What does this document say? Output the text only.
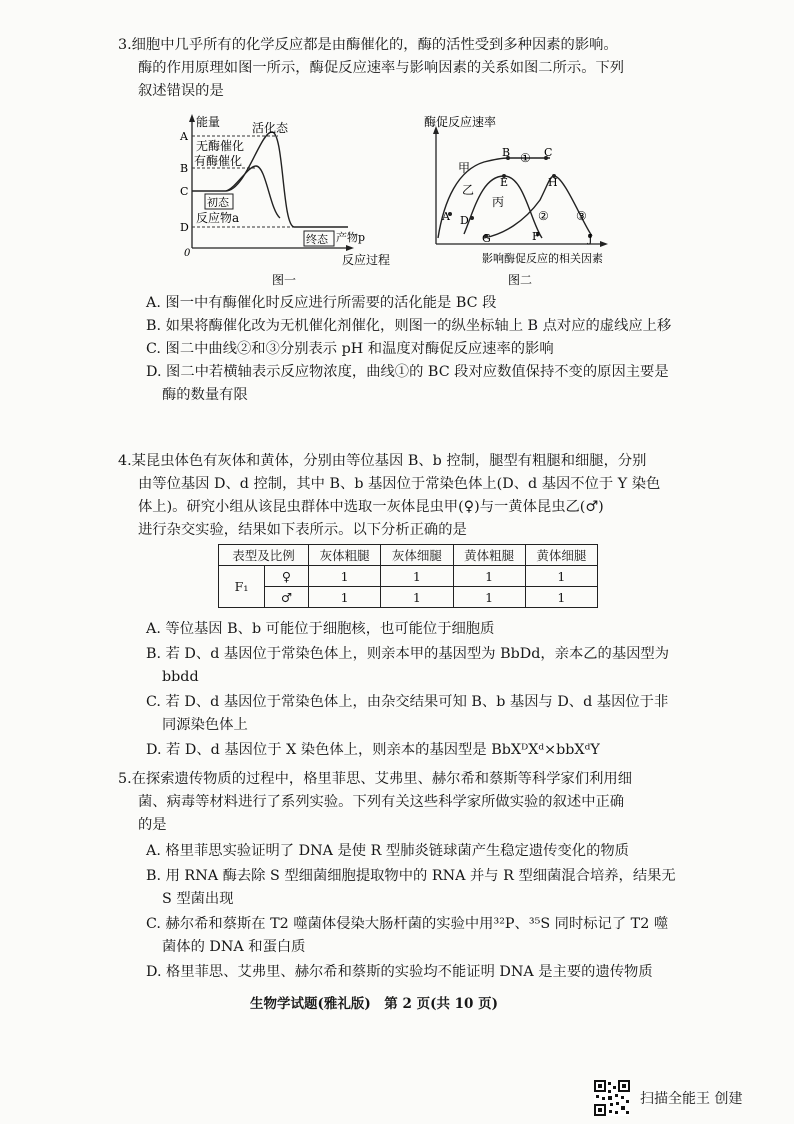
3.细胞中几乎所有的化学反应都是由酶催化的，酶的活性受到多种因素的影响。
酶的作用原理如图一所示，酶促反应速率与影响因素的关系如图二所示。下列
叙述错误的是
能量
反应过程
A
B
C
D
0
活化态
无酶催化
有酶催化
初态
反应物a
终态 产物p
图一
酶促反应速率
影响酶促反应的相关因素
甲
乙
丙
A
B	C
D
E
F
G
H
J
①
② ③
图二
A. 图一中有酶催化时反应进行所需要的活化能是 BC 段
B. 如果将酶催化改为无机催化剂催化，则图一的纵坐标轴上 B 点对应的虚线应上移
C. 图二中曲线②和③分别表示 pH 和温度对酶促反应速率的影响
D. 图二中若横轴表示反应物浓度，曲线①的 BC 段对应数值保持不变的原因主要是酶的数量有限
4.某昆虫体色有灰体和黄体，分别由等位基因 B、b 控制，腿型有粗腿和细腿，分别
由等位基因 D、d 控制，其中 B、b 基因位于常染色体上(D、d 基因不位于 Y 染色
体上)。研究小组从该昆虫群体中选取一灰体昆虫甲(♀)与一黄体昆虫乙(♂)
进行杂交实验，结果如下表所示。以下分析正确的是
表型及比例		灰体粗腿	灰体细腿	黄体粗腿	黄体细腿
F₁	♀	1	1	1	1
	♂	1	1	1	1
A. 等位基因 B、b 可能位于细胞核，也可能位于细胞质
B. 若 D、d 基因位于常染色体上，则亲本甲的基因型为 BbDd，亲本乙的基因型为 bbdd
C. 若 D、d 基因位于常染色体上，由杂交结果可知 B、b 基因与 D、d 基因位于非同源染色体上
D. 若 D、d 基因位于 X 染色体上，则亲本的基因型是 BbXᴰXᵈ×bbXᵈY
5.在探索遗传物质的过程中，格里菲思、艾弗里、赫尔希和蔡斯等科学家们利用细
菌、病毒等材料进行了系列实验。下列有关这些科学家所做实验的叙述中正确
的是
A. 格里菲思实验证明了 DNA 是使 R 型肺炎链球菌产生稳定遗传变化的物质
B. 用 RNA 酶去除 S 型细菌细胞提取物中的 RNA 并与 R 型细菌混合培养，结果无 S 型菌出现
C. 赫尔希和蔡斯在 T2 噬菌体侵染大肠杆菌的实验中用³²P、³⁵S 同时标记了 T2 噬菌体的 DNA 和蛋白质
D. 格里菲思、艾弗里、赫尔希和蔡斯的实验均不能证明 DNA 是主要的遗传物质
生物学试题(雅礼版)　第 2 页(共 10 页)
扫描全能王 创建
